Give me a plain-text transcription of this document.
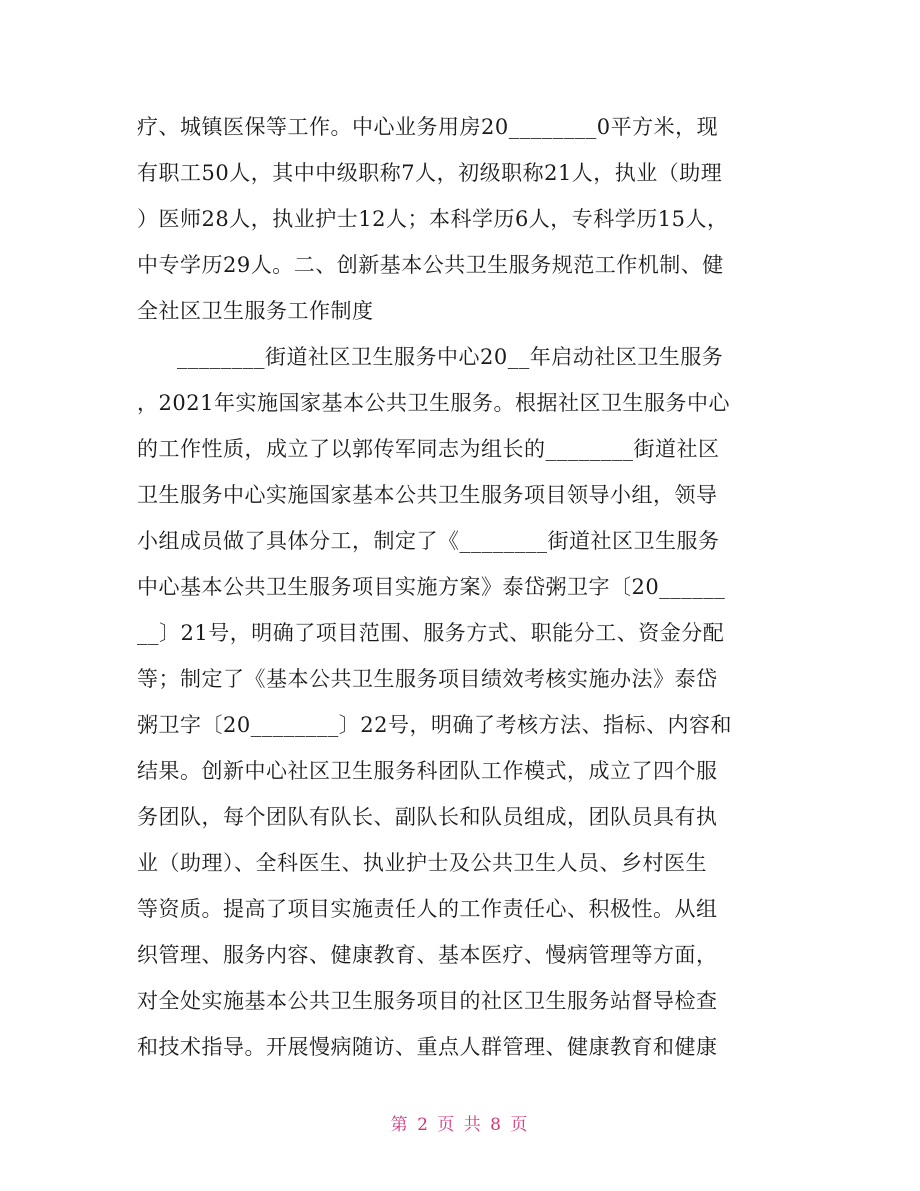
疗、城镇医保等工作。中心业务用房20________0平方米，现
有职工50人，其中中级职称7人，初级职称21人，执业（助理
）医师28人，执业护士12人；本科学历6人，专科学历15人，
中专学历29人。二、创新基本公共卫生服务规范工作机制、健
全社区卫生服务工作制度
________街道社区卫生服务中心20__年启动社区卫生服务
，2021年实施国家基本公共卫生服务。根据社区卫生服务中心
的工作性质，成立了以郭传军同志为组长的________街道社区
卫生服务中心实施国家基本公共卫生服务项目领导小组，领导
小组成员做了具体分工，制定了《________街道社区卫生服务
中心基本公共卫生服务项目实施方案》泰岱粥卫字〔20______
__〕21号，明确了项目范围、服务方式、职能分工、资金分配
等；制定了《基本公共卫生服务项目绩效考核实施办法》泰岱
粥卫字〔20________〕22号，明确了考核方法、指标、内容和
结果。创新中心社区卫生服务科团队工作模式，成立了四个服
务团队，每个团队有队长、副队长和队员组成，团队员具有执
业（助理）、全科医生、执业护士及公共卫生人员、乡村医生
等资质。提高了项目实施责任人的工作责任心、积极性。从组
织管理、服务内容、健康教育、基本医疗、慢病管理等方面，
对全处实施基本公共卫生服务项目的社区卫生服务站督导检查
和技术指导。开展慢病随访、重点人群管理、健康教育和健康
第 2 页 共 8 页
